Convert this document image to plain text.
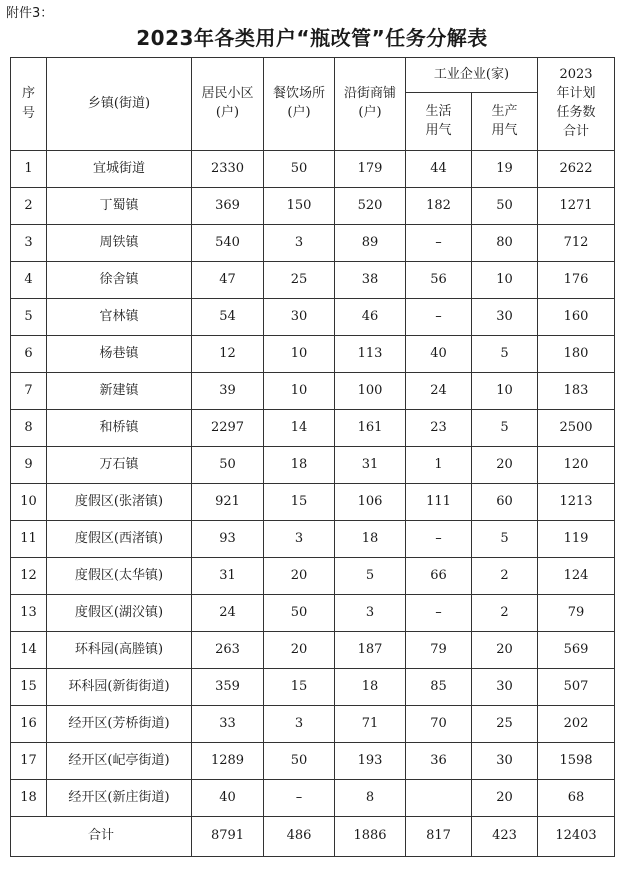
附件3：
2023年各类用户“瓶改管”任务分解表
序号	乡镇(街道)	居民小区(户)	餐饮场所(户)	沿街商铺(户)	工业企业(家)		2023年计划任务数合计
					生活用气	生产用气	
1	宜城街道	2330	50	179	44	19	2622
2	丁蜀镇	369	150	520	182	50	1271
3	周铁镇	540	3	89	–	80	712
4	徐舍镇	47	25	38	56	10	176
5	官林镇	54	30	46	–	30	160
6	杨巷镇	12	10	113	40	5	180
7	新建镇	39	10	100	24	10	183
8	和桥镇	2297	14	161	23	5	2500
9	万石镇	50	18	31	1	20	120
10	度假区(张渚镇)	921	15	106	111	60	1213
11	度假区(西渚镇)	93	3	18	–	5	119
12	度假区(太华镇)	31	20	5	66	2	124
13	度假区(湖㳇镇)	24	50	3	–	2	79
14	环科园(高塍镇)	263	20	187	79	20	569
15	环科园(新街街道)	359	15	18	85	30	507
16	经开区(芳桥街道)	33	3	71	70	25	202
17	经开区(屺亭街道)	1289	50	193	36	30	1598
18	经开区(新庄街道)	40	–	8		20	68
合计		8791	486	1886	817	423	12403
